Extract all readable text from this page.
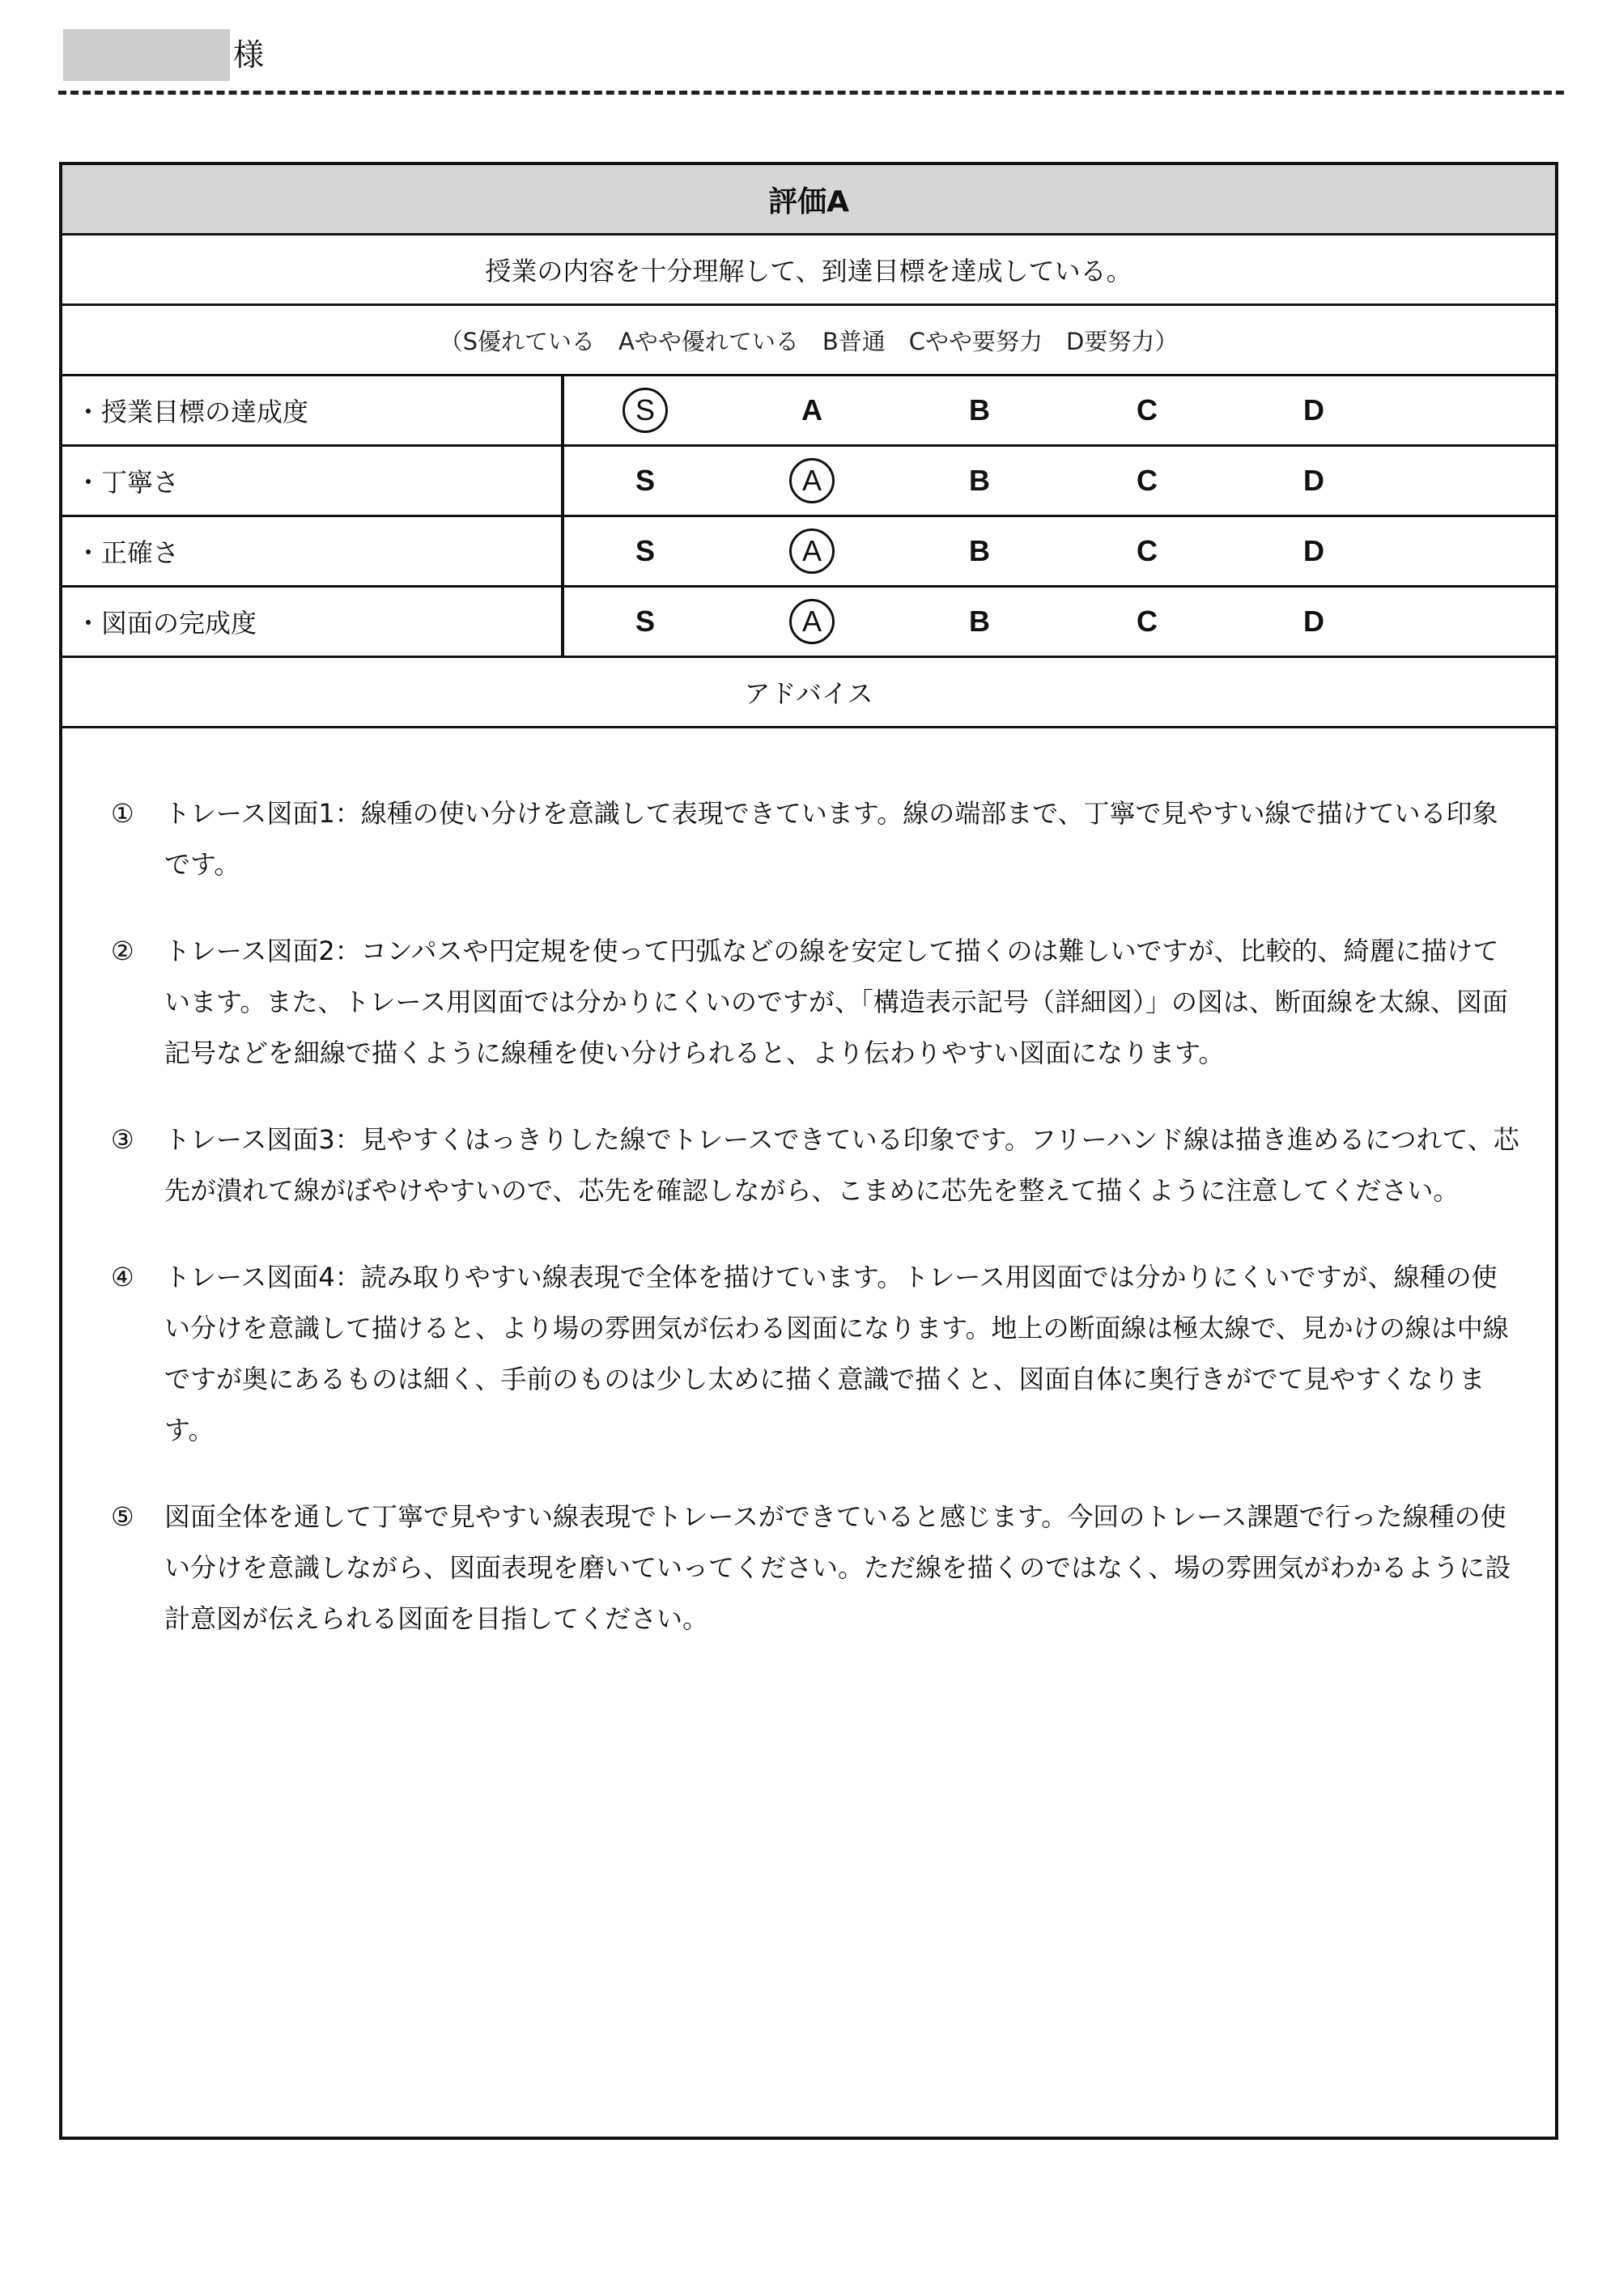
様
評価A
授業の内容を十分理解して、到達目標を達成している。
（S優れている　Aやや優れている　B普通　Cやや要努力　D要努力）
・授業目標の達成度	S	A	B	C	D
・丁寧さ	S	A	B	C	D
・正確さ	S	A	B	C	D
・図面の完成度	S	A	B	C	D
アドバイス
① トレース図面1：線種の使い分けを意識して表現できています。線の端部まで、丁寧で見やすい線で描けている印象です。
② トレース図面2：コンパスや円定規を使って円弧などの線を安定して描くのは難しいですが、比較的、綺麗に描けています。また、トレース用図面では分かりにくいのですが、「構造表示記号（詳細図）」の図は、断面線を太線、図面記号などを細線で描くように線種を使い分けられると、より伝わりやすい図面になります。
③ トレース図面3：見やすくはっきりした線でトレースできている印象です。フリーハンド線は描き進めるにつれて、芯先が潰れて線がぼやけやすいので、芯先を確認しながら、こまめに芯先を整えて描くように注意してください。
④ トレース図面4：読み取りやすい線表現で全体を描けています。トレース用図面では分かりにくいですが、線種の使い分けを意識して描けると、より場の雰囲気が伝わる図面になります。地上の断面線は極太線で、見かけの線は中線ですが奥にあるものは細く、手前のものは少し太めに描く意識で描くと、図面自体に奥行きがでて見やすくなります。
⑤ 図面全体を通して丁寧で見やすい線表現でトレースができていると感じます。今回のトレース課題で行った線種の使い分けを意識しながら、図面表現を磨いていってください。ただ線を描くのではなく、場の雰囲気がわかるように設計意図が伝えられる図面を目指してください。
